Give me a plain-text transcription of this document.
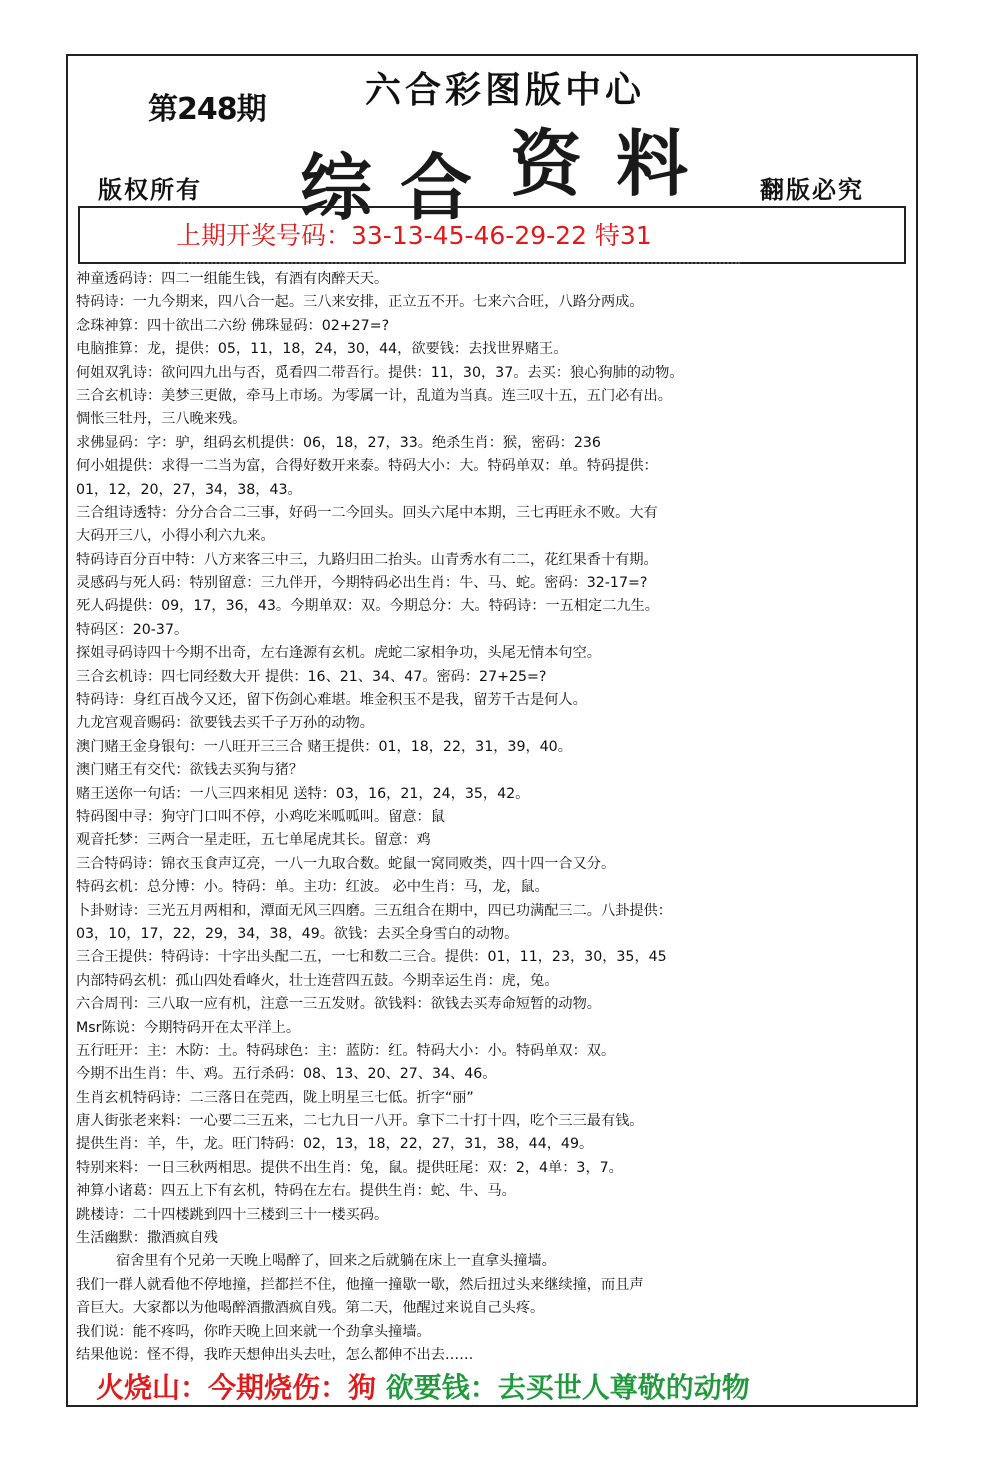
第248期	六合彩图版中心
综 合 资 料
版权所有	翻版必究
上期开奖号码：33-13-45-46-29-22 特31
神童透码诗：四二一组能生钱，有酒有肉醉天天。
特码诗：一九今期来，四八合一起。三八来安排，正立五不开。七来六合旺，八路分两成。
念珠神算：四十欲出二六纷 佛珠显码：02+27=?
电脑推算：龙，提供：05，11，18，24，30，44，欲要钱：去找世界赌王。
何姐双乳诗：欲问四九出与否，觅看四二带吾行。提供：11，30，37。去买：狼心狗肺的动物。
三合玄机诗：美梦三更做，牵马上市场。为零属一计，乱道为当真。连三叹十五，五门必有出。
惆怅三牡丹，三八晚来残。
求佛显码：字：驴，组码玄机提供：06，18，27，33。绝杀生肖：猴，密码：236
何小姐提供：求得一二当为富，合得好数开来泰。特码大小：大。特码单双：单。特码提供：
01，12，20，27，34，38，43。
三合组诗透特：分分合合二三事，好码一二今回头。回头六尾中本期，三七再旺永不败。大有
大码开三八，小得小利六九来。
特码诗百分百中特：八方来客三中三，九路归田二抬头。山青秀水有二二，花红果香十有期。
灵感码与死人码：特别留意：三九伴开，今期特码必出生肖：牛、马、蛇。密码：32-17=?
死人码提供：09，17，36，43。今期单双：双。今期总分：大。特码诗：一五相定二九生。
特码区：20-37。
探姐寻码诗四十今期不出奇，左右逢源有玄机。虎蛇二家相争功，头尾无情本句空。
三合玄机诗：四七同经数大开 提供：16、21、34、47。密码：27+25=?
特码诗：身红百战今又还，留下伤剑心难堪。堆金积玉不是我，留芳千古是何人。
九龙宫观音赐码：欲要钱去买千子万孙的动物。
澳门赌王金身银句：一八旺开三三合 赌王提供：01，18，22，31，39，40。
澳门赌王有交代：欲钱去买狗与猪？
赌王送你一句话：一八三四来相见 送特：03，16，21，24，35，42。
特码图中寻：狗守门口叫不停，小鸡吃米呱呱叫。留意：鼠
观音托梦：三两合一星走旺，五七单尾虎其长。留意：鸡
三合特码诗：锦衣玉食声辽亮，一八一九取合数。蛇鼠一窝同败类，四十四一合又分。
特码玄机：总分博：小。特码：单。主功：红波。 必中生肖：马，龙，鼠。
卜卦财诗：三光五月两相和，潭面无风三四磨。三五组合在期中，四已功满配三二。八卦提供：
03，10，17，22，29，34，38，49。欲钱：去买全身雪白的动物。
三合王提供：特码诗：十字出头配二五，一七和数二三合。提供：01，11，23，30，35，45
内部特码玄机：孤山四处看峰火，壮士连营四五鼓。今期幸运生肖：虎，兔。
六合周刊：三八取一应有机，注意一三五发财。欲钱料：欲钱去买寿命短暂的动物。
Msr陈说：今期特码开在太平洋上。
五行旺开：主：木防：土。特码球色：主：蓝防：红。特码大小：小。特码单双：双。
今期不出生肖：牛、鸡。五行杀码：08、13、20、27、34、46。
生肖玄机特码诗：二三落日在莞西，陇上明星三七低。折字“丽”
唐人街张老来料：一心要二三五来，二七九日一八开。拿下二十打十四，吃个三三最有钱。
提供生肖：羊，牛，龙。旺门特码：02，13，18，22，27，31，38，44，49。
特别来料：一日三秋两相思。提供不出生肖：兔，鼠。提供旺尾：双：2，4单：3，7。
神算小诸葛：四五上下有玄机，特码在左右。提供生肖：蛇、牛、马。
跳楼诗：二十四楼跳到四十三楼到三十一楼买码。
生活幽默：撒酒疯自残
宿舍里有个兄弟一天晚上喝醉了，回来之后就躺在床上一直拿头撞墙。
我们一群人就看他不停地撞，拦都拦不住，他撞一撞歇一歇，然后扭过头来继续撞，而且声
音巨大。大家都以为他喝醉酒撒酒疯自残。第二天，他醒过来说自己头疼。
我们说：能不疼吗，你昨天晚上回来就一个劲拿头撞墙。
结果他说：怪不得，我昨天想伸出头去吐，怎么都伸不出去……
火烧山：今期烧伤：狗 欲要钱：去买世人尊敬的动物
